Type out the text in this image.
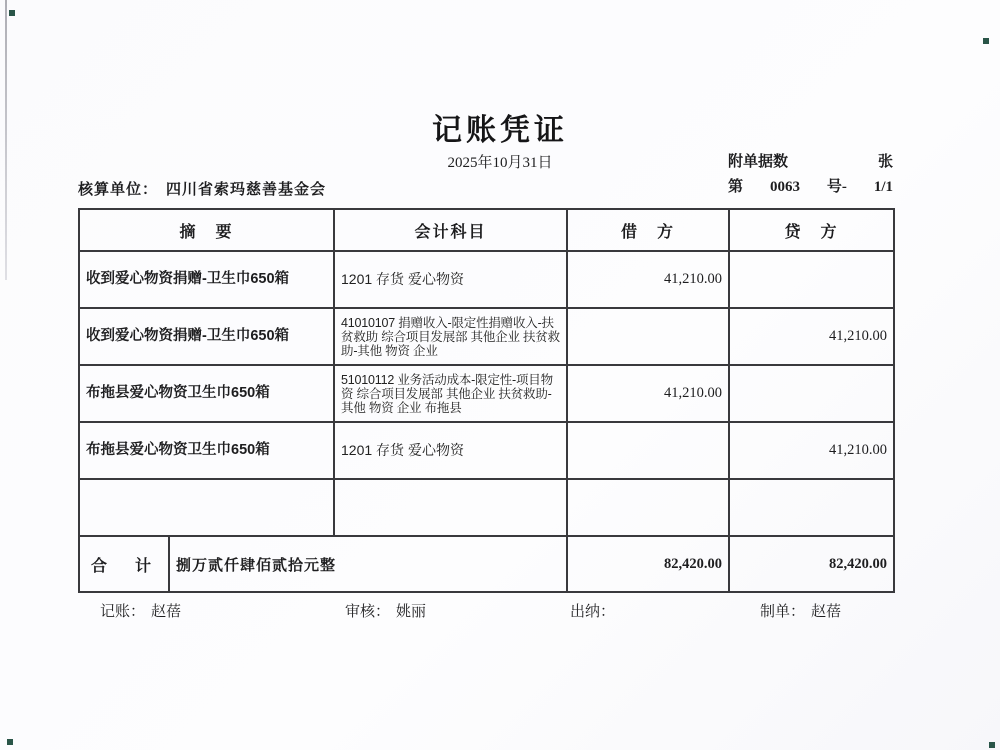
记账凭证
2025年10月31日	附单据数	张
第 0063 号- 1/1
核算单位： 四川省索玛慈善基金会
摘　要		会计科目	借　方	贷　方
收到爱心物资捐赠-卫生巾650箱		1201 存货 爱心物资	41,210.00	
收到爱心物资捐赠-卫生巾650箱		41010107 捐赠收入-限定性捐赠收入-扶贫救助 综合项目发展部 其他企业 扶贫救助-其他 物资 企业		41,210.00
布拖县爱心物资卫生巾650箱		51010112 业务活动成本-限定性-项目物资 综合项目发展部 其他企业 扶贫救助-其他 物资 企业 布拖县	41,210.00	
布拖县爱心物资卫生巾650箱		1201 存货 爱心物资		41,210.00

合　计	捌万贰仟肆佰贰拾元整		82,420.00	82,420.00
记账： 赵蓓	审核： 姚丽	出纳：	制单： 赵蓓
